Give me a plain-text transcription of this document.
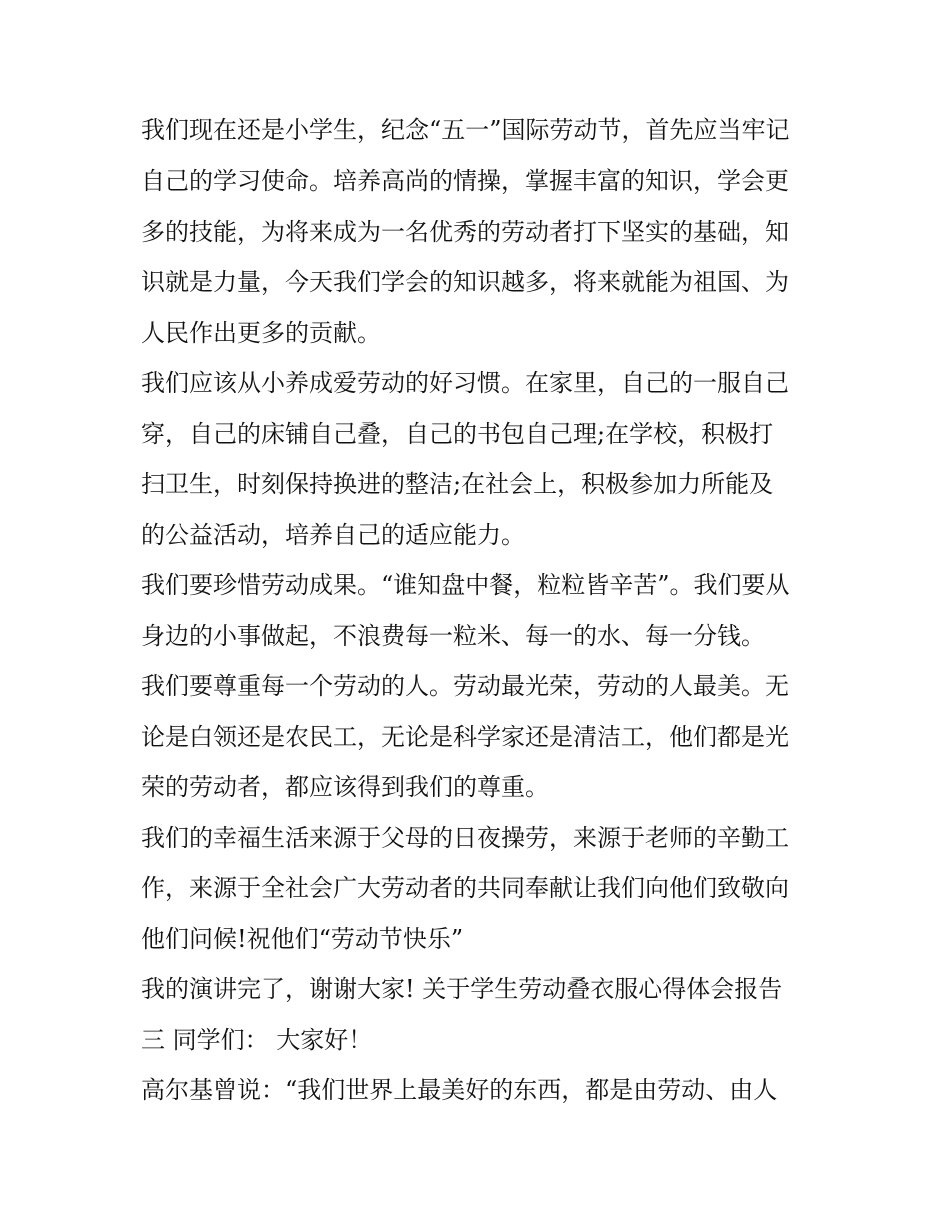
我们现在还是小学生，纪念“五一”国际劳动节，首先应当牢记
自己的学习使命。培养高尚的情操，掌握丰富的知识，学会更
多的技能，为将来成为一名优秀的劳动者打下坚实的基础，知
识就是力量，今天我们学会的知识越多，将来就能为祖国、为
人民作出更多的贡献。
我们应该从小养成爱劳动的好习惯。在家里，自己的一服自己
穿，自己的床铺自己叠，自己的书包自己理;在学校，积极打
扫卫生，时刻保持换进的整洁;在社会上，积极参加力所能及
的公益活动，培养自己的适应能力。
我们要珍惜劳动成果。“谁知盘中餐，粒粒皆辛苦”。我们要从
身边的小事做起，不浪费每一粒米、每一的水、每一分钱。
我们要尊重每一个劳动的人。劳动最光荣，劳动的人最美。无
论是白领还是农民工，无论是科学家还是清洁工，他们都是光
荣的劳动者，都应该得到我们的尊重。
我们的幸福生活来源于父母的日夜操劳，来源于老师的辛勤工
作，来源于全社会广大劳动者的共同奉献让我们向他们致敬向
他们问候!祝他们“劳动节快乐”
我的演讲完了，谢谢大家! 关于学生劳动叠衣服心得体会报告
三 同学们： 大家好！
高尔基曾说：“我们世界上最美好的东西，都是由劳动、由人
